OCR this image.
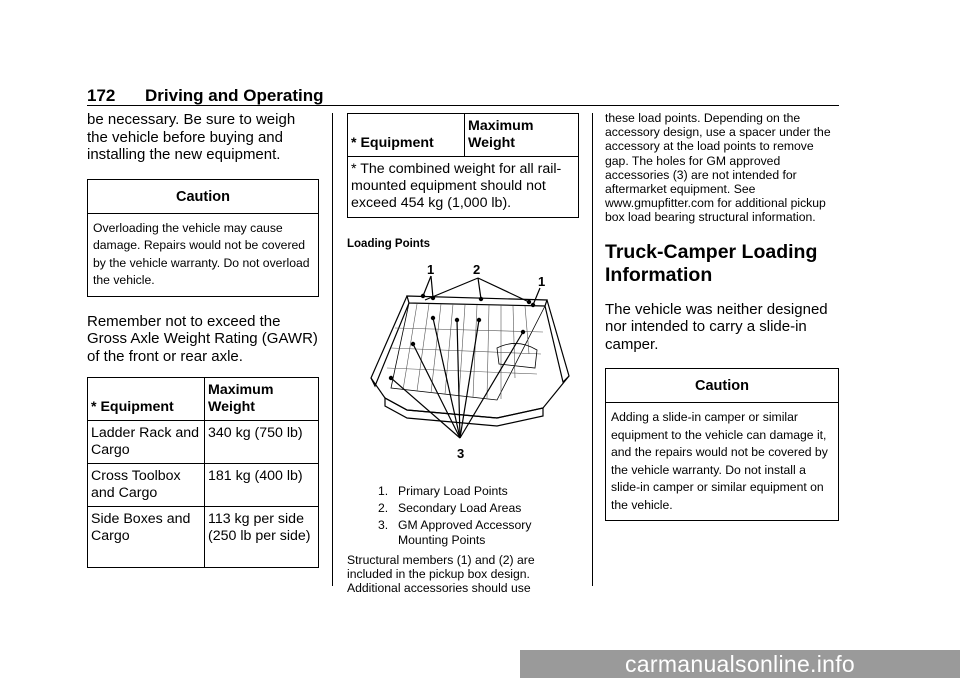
172 Driving and Operating

be necessary. Be sure to weigh the vehicle before buying and installing the new equipment.

Caution
Overloading the vehicle may cause damage. Repairs would not be covered by the vehicle warranty. Do not overload the vehicle.

Remember not to exceed the Gross Axle Weight Rating (GAWR) of the front or rear axle.

* Equipment	Maximum Weight
Ladder Rack and Cargo	340 kg (750 lb)
Cross Toolbox and Cargo	181 kg (400 lb)
Side Boxes and Cargo	113 kg per side (250 lb per side)
* Equipment	Maximum Weight
* The combined weight for all rail-mounted equipment should not exceed 454 kg (1,000 lb).

Loading Points

1	2
1
3
1. Primary Load Points
2. Secondary Load Areas
3. GM Approved Accessory Mounting Points

Structural members (1) and (2) are included in the pickup box design. Additional accessories should use

these load points. Depending on the accessory design, use a spacer under the accessory at the load points to remove gap. The holes for GM approved accessories (3) are not intended for aftermarket equipment. See www.gmupfitter.com for additional pickup box load bearing structural information.

Truck-Camper Loading Information

The vehicle was neither designed nor intended to carry a slide-in camper.

Caution
Adding a slide-in camper or similar equipment to the vehicle can damage it, and the repairs would not be covered by the vehicle warranty. Do not install a slide-in camper or similar equipment on the vehicle.
carmanualsonline.info
